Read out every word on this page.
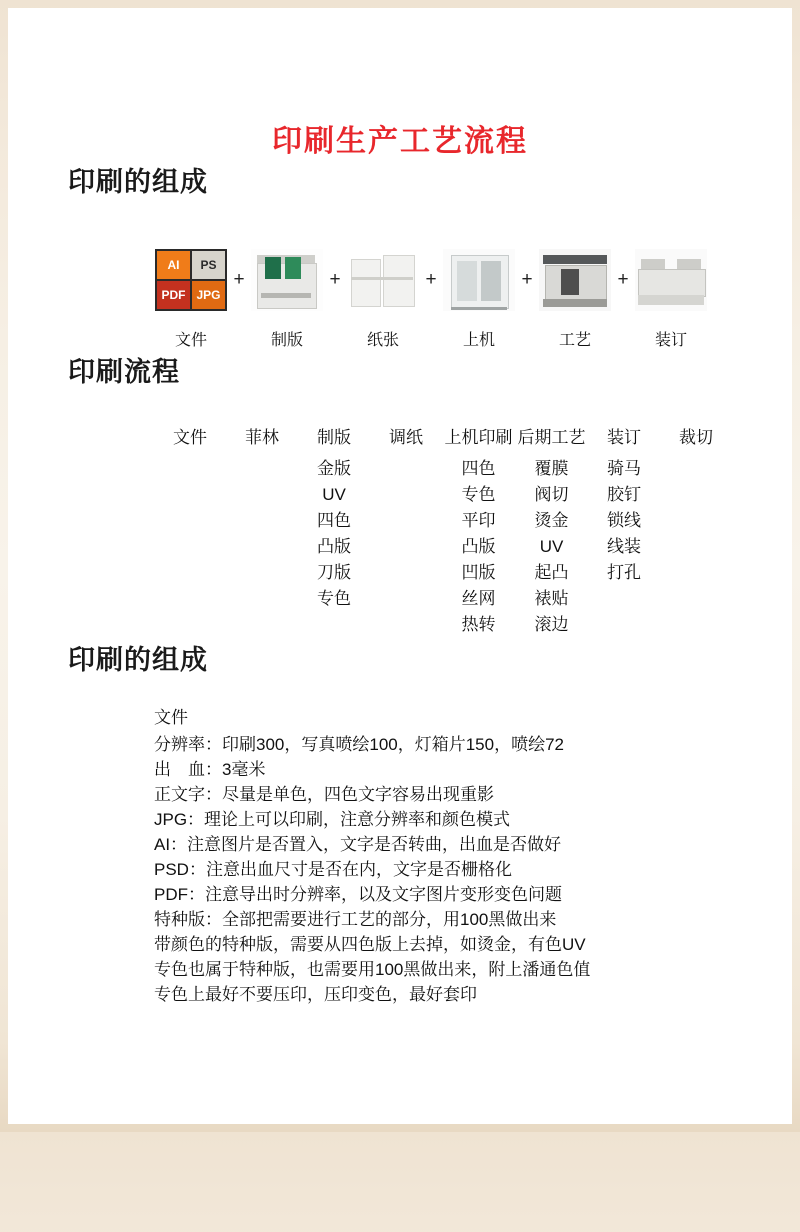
印刷生产工艺流程
印刷的组成
AI	PS
PDF JPG
文件
+
制版
+
纸张
+
上机
+
工艺
+
装订
印刷流程
文件 菲林 制版
金版
UV
四色
凸版
刀版
专色
调纸 上机印刷
四色
专色
平印
凸版
凹版
丝网
热转
后期工艺
覆膜
阀切
烫金
UV
起凸
裱贴
滚边
装订
骑马
胶钉
锁线
线装
打孔
裁切
印刷的组成
文件
分辨率：印刷300，写真喷绘100，灯箱片150，喷绘72
出　血：3毫米
正文字：尽量是单色，四色文字容易出现重影
JPG：理论上可以印刷，注意分辨率和颜色模式
AI：注意图片是否置入，文字是否转曲，出血是否做好
PSD：注意出血尺寸是否在内，文字是否栅格化
PDF：注意导出时分辨率，以及文字图片变形变色问题
特种版：全部把需要进行工艺的部分，用100黑做出来
带颜色的特种版，需要从四色版上去掉，如烫金，有色UV
专色也属于特种版，也需要用100黑做出来，附上潘通色值
专色上最好不要压印，压印变色，最好套印
